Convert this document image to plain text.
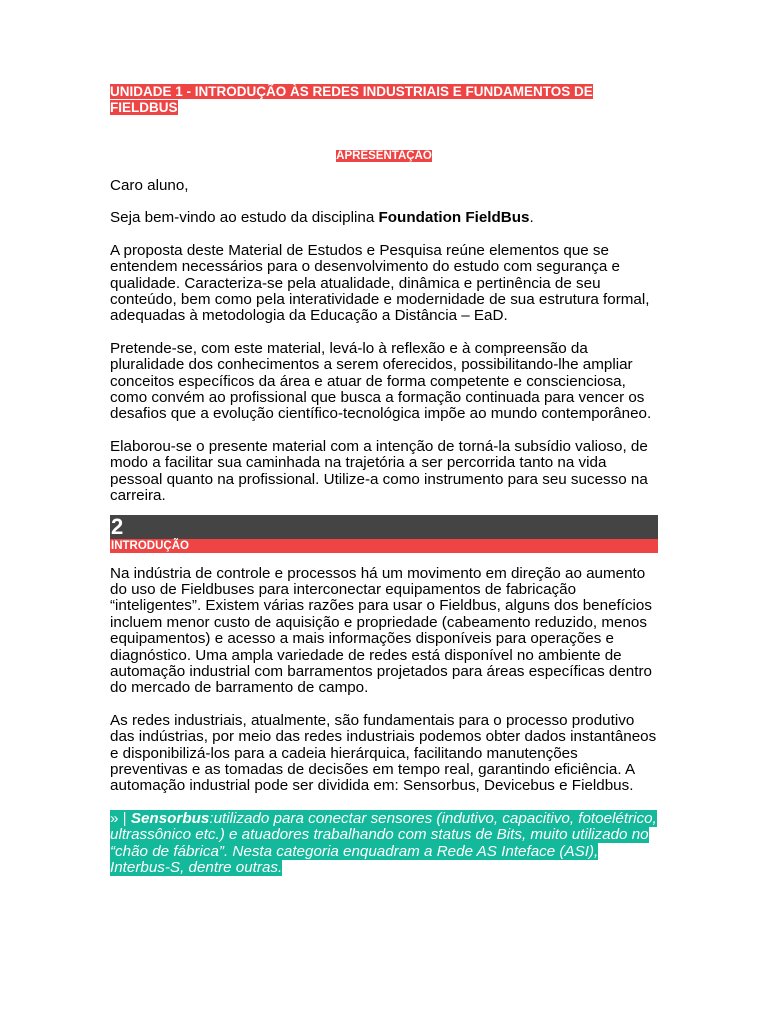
UNIDADE 1 - INTRODUÇÃO ÀS REDES INDUSTRIAIS E FUNDAMENTOS DE FIELDBUS
APRESENTAÇÃO

Caro aluno,

Seja bem-vindo ao estudo da disciplina Foundation FieldBus.

A proposta deste Material de Estudos e Pesquisa reúne elementos que se entendem necessários para o desenvolvimento do estudo com segurança e qualidade. Caracteriza-se pela atualidade, dinâmica e pertinência de seu conteúdo, bem como pela interatividade e modernidade de sua estrutura formal, adequadas à metodologia da Educação a Distância – EaD.

Pretende-se, com este material, levá-lo à reflexão e à compreensão da pluralidade dos conhecimentos a serem oferecidos, possibilitando-lhe ampliar conceitos específicos da área e atuar de forma competente e conscienciosa, como convém ao profissional que busca a formação continuada para vencer os desafios que a evolução científico-tecnológica impõe ao mundo contemporâneo.

Elaborou-se o presente material com a intenção de torná-la subsídio valioso, de modo a facilitar sua caminhada na trajetória a ser percorrida tanto na vida pessoal quanto na profissional. Utilize-a como instrumento para seu sucesso na carreira.

2
INTRODUÇÃO

Na indústria de controle e processos há um movimento em direção ao aumento do uso de Fieldbuses para interconectar equipamentos de fabricação “inteligentes”. Existem várias razões para usar o Fieldbus, alguns dos benefícios incluem menor custo de aquisição e propriedade (cabeamento reduzido, menos equipamentos) e acesso a mais informações disponíveis para operações e diagnóstico. Uma ampla variedade de redes está disponível no ambiente de automação industrial com barramentos projetados para áreas específicas dentro do mercado de barramento de campo.

As redes industriais, atualmente, são fundamentais para o processo produtivo das indústrias, por meio das redes industriais podemos obter dados instantâneos e disponibilizá-los para a cadeia hierárquica, facilitando manutenções preventivas e as tomadas de decisões em tempo real, garantindo eficiência. A automação industrial pode ser dividida em: Sensorbus, Devicebus e Fieldbus.

» | Sensorbus:utilizado para conectar sensores (indutivo, capacitivo, fotoelétrico, ultrassônico etc.) e atuadores trabalhando com status de Bits, muito utilizado no “chão de fábrica”. Nesta categoria enquadram a Rede AS Inteface (ASI), Interbus-S, dentre outras.
